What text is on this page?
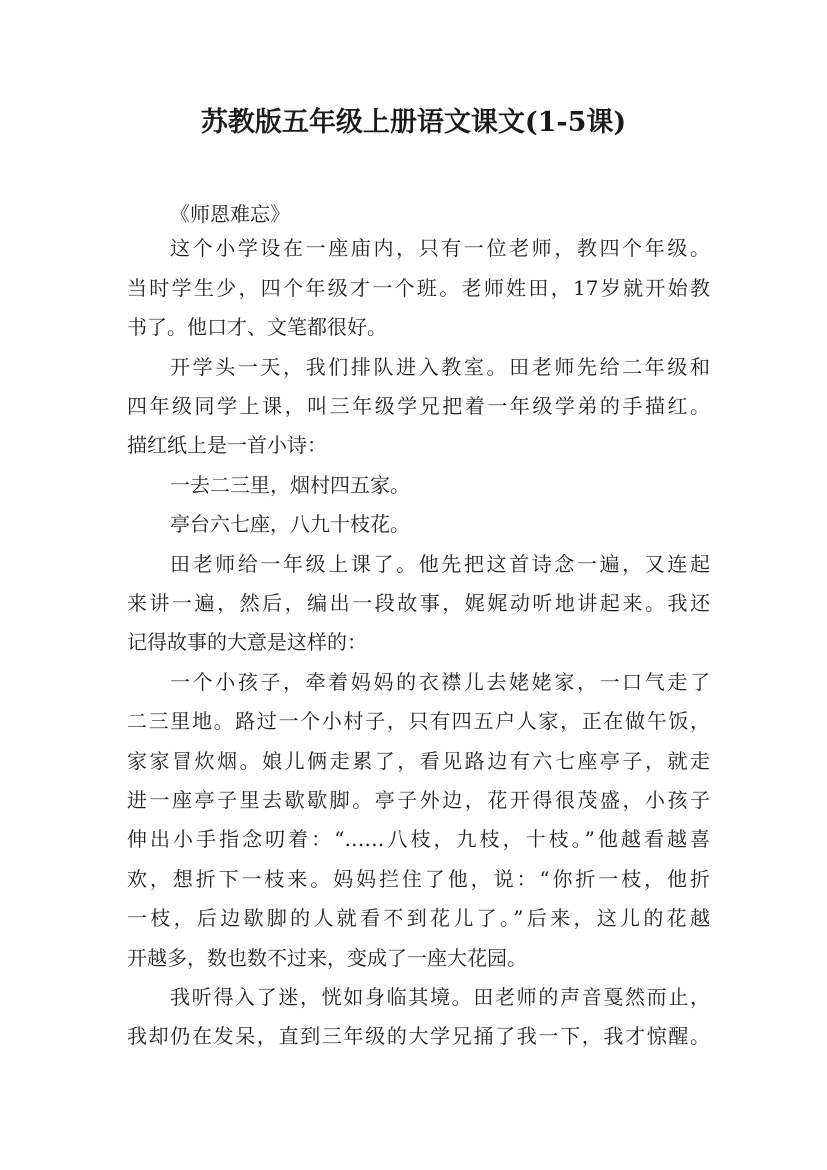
苏教版五年级上册语文课文(1-5课)
《师恩难忘》
这个小学设在一座庙内，只有一位老师，教四个年级。
当时学生少，四个年级才一个班。老师姓田，17岁就开始教
书了。他口才、文笔都很好。
开学头一天，我们排队进入教室。田老师先给二年级和
四年级同学上课，叫三年级学兄把着一年级学弟的手描红。
描红纸上是一首小诗：
一去二三里，烟村四五家。
亭台六七座，八九十枝花。
田老师给一年级上课了。他先把这首诗念一遍，又连起
来讲一遍，然后，编出一段故事，娓娓动听地讲起来。我还
记得故事的大意是这样的：
一个小孩子，牵着妈妈的衣襟儿去姥姥家，一口气走了
二三里地。路过一个小村子，只有四五户人家，正在做午饭，
家家冒炊烟。娘儿俩走累了，看见路边有六七座亭子，就走
进一座亭子里去歇歇脚。亭子外边，花开得很茂盛，小孩子
伸出小手指念叨着：“……八枝，九枝，十枝。”他越看越喜
欢，想折下一枝来。妈妈拦住了他，说：“你折一枝，他折
一枝，后边歇脚的人就看不到花儿了。”后来，这儿的花越
开越多，数也数不过来，变成了一座大花园。
我听得入了迷，恍如身临其境。田老师的声音戛然而止，
我却仍在发呆，直到三年级的大学兄捅了我一下，我才惊醒。
